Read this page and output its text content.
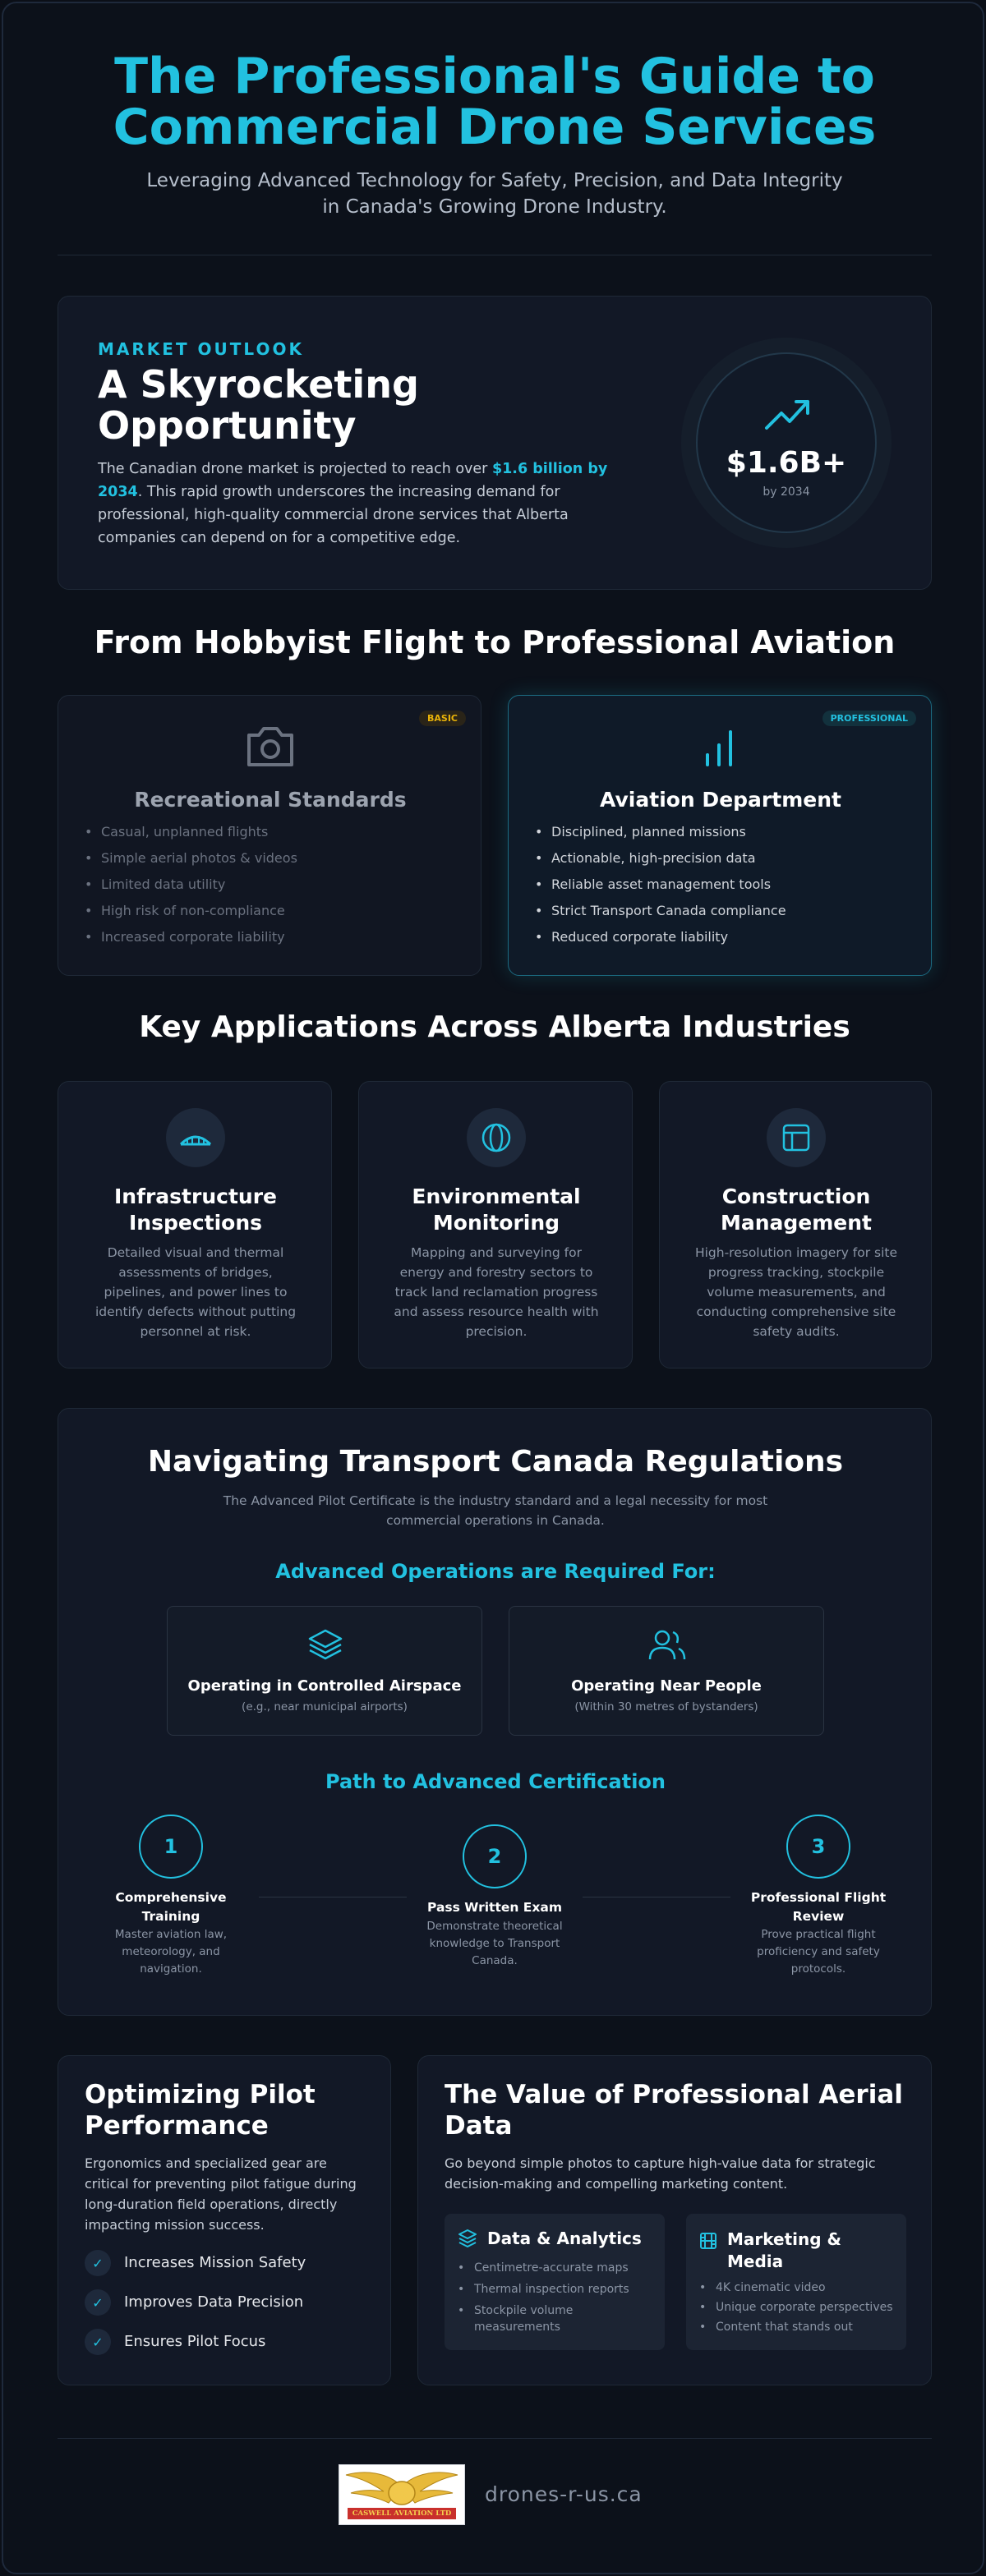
The Professional's Guide to
Commercial Drone Services
Leveraging Advanced Technology for Safety, Precision, and Data Integrity
in Canada's Growing Drone Industry.
MARKET OUTLOOK
A Skyrocketing
Opportunity
The Canadian drone market is projected to reach over $1.6 billion by 2034. This rapid growth underscores the increasing demand for professional, high-quality commercial drone services that Alberta companies can depend on for a competitive edge.
$1.6B+
by 2034
From Hobbyist Flight to Professional Aviation
BASIC
Recreational Standards
• Casual, unplanned flights
• Simple aerial photos & videos
• Limited data utility
• High risk of non-compliance
• Increased corporate liability
PROFESSIONAL
Aviation Department
• Disciplined, planned missions
• Actionable, high-precision data
• Reliable asset management tools
• Strict Transport Canada compliance
• Reduced corporate liability
Key Applications Across Alberta Industries
Infrastructure
Inspections
Detailed visual and thermal assessments of bridges, pipelines, and power lines to identify defects without putting personnel at risk.
Environmental
Monitoring
Mapping and surveying for energy and forestry sectors to track land reclamation progress and assess resource health with precision.
Construction
Management
High-resolution imagery for site progress tracking, stockpile volume measurements, and conducting comprehensive site safety audits.
Navigating Transport Canada Regulations
The Advanced Pilot Certificate is the industry standard and a legal necessity for most
commercial operations in Canada.
Advanced Operations are Required For:
Operating in Controlled Airspace
(e.g., near municipal airports)
Operating Near People
(Within 30 metres of bystanders)
Path to Advanced Certification
1
Comprehensive
Training
Master aviation law,
meteorology, and
navigation.
2
Pass Written Exam
Demonstrate theoretical
knowledge to Transport
Canada.
3
Professional Flight
Review
Prove practical flight
proficiency and safety
protocols.
Optimizing Pilot
Performance
Ergonomics and specialized gear are critical for preventing pilot fatigue during long-duration field operations, directly impacting mission success.
✓	Increases Mission Safety
✓	Improves Data Precision
✓	Ensures Pilot Focus
The Value of Professional Aerial
Data
Go beyond simple photos to capture high-value data for strategic decision-making and compelling marketing content.
Data & Analytics
• Centimetre-accurate maps
• Thermal inspection reports
• Stockpile volume measurements
Marketing &
Media
• 4K cinematic video
• Unique corporate perspectives
• Content that stands out
CASWELL AVIATION LTD
drones-r-us.ca
